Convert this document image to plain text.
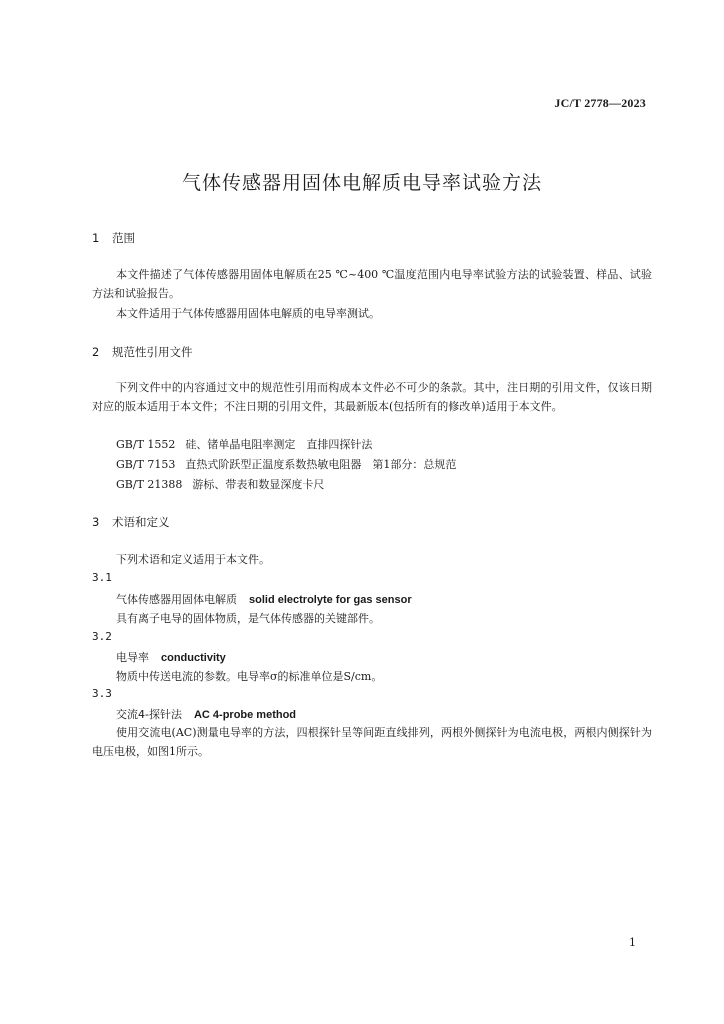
JC/T 2778—2023
气体传感器用固体电解质电导率试验方法
1 范围
本文件描述了气体传感器用固体电解质在25 ℃~400 ℃温度范围内电导率试验方法的试验装置、样品、试验方法和试验报告。
本文件适用于气体传感器用固体电解质的电导率测试。
2 规范性引用文件
下列文件中的内容通过文中的规范性引用而构成本文件必不可少的条款。其中，注日期的引用文件，仅该日期对应的版本适用于本文件；不注日期的引用文件，其最新版本(包括所有的修改单)适用于本文件。
GB/T 1552 硅、锗单晶电阻率测定　直排四探针法
GB/T 7153 直热式阶跃型正温度系数热敏电阻器　第1部分：总规范
GB/T 21388 游标、带表和数显深度卡尺
3 术语和定义
下列术语和定义适用于本文件。
3.1
气体传感器用固体电解质 solid electrolyte for gas sensor
具有离子电导的固体物质，是气体传感器的关键部件。
3.2
电导率 conductivity
物质中传送电流的参数。电导率σ的标准单位是S/cm。
3.3
交流4-探针法 AC 4-probe method
使用交流电(AC)测量电导率的方法，四根探针呈等间距直线排列，两根外侧探针为电流电极，两根内侧探针为电压电极，如图1所示。
1
